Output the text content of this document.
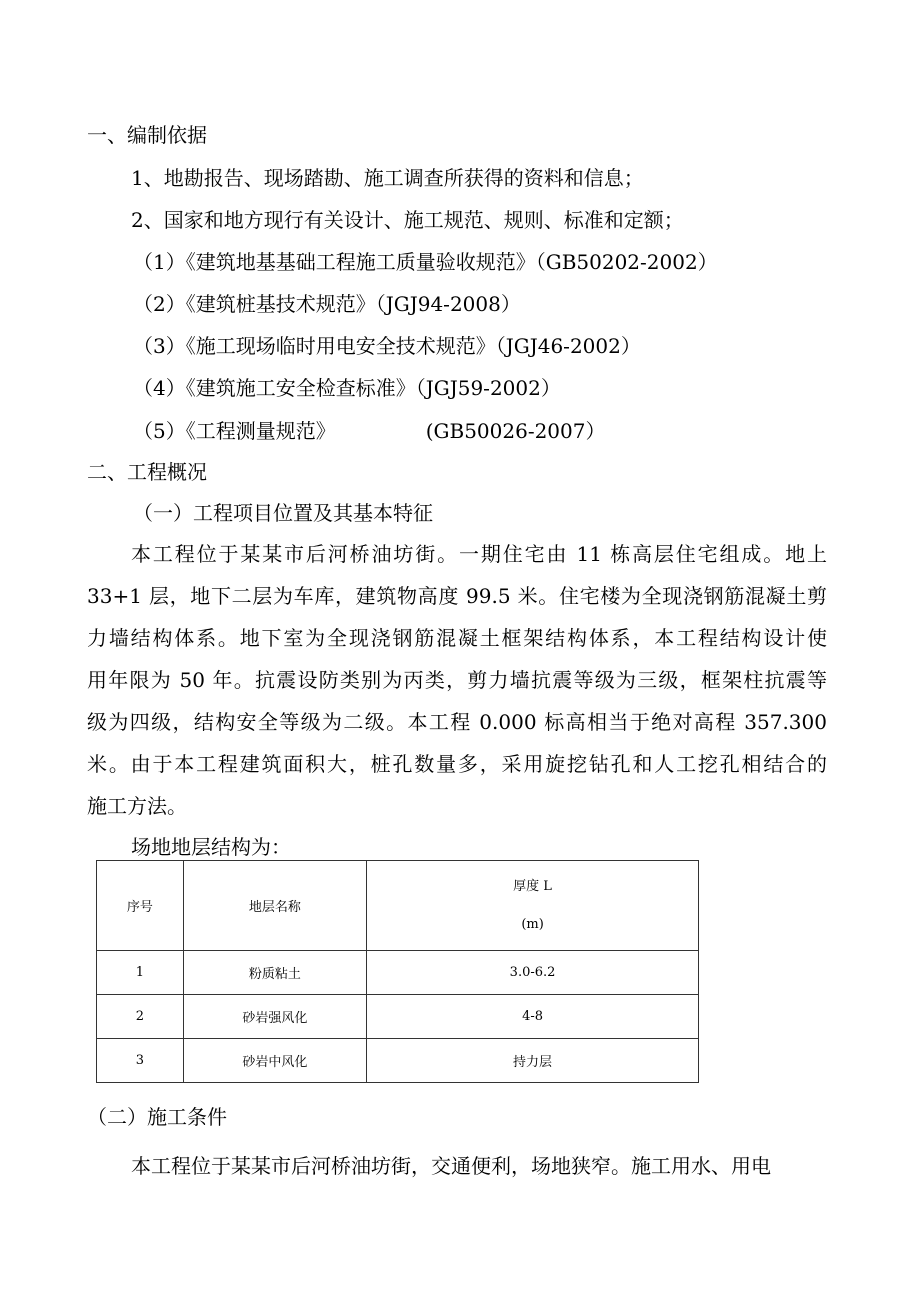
一、编制依据
1、地勘报告、现场踏勘、施工调查所获得的资料和信息；
2、国家和地方现行有关设计、施工规范、规则、标准和定额；
（1）《建筑地基基础工程施工质量验收规范》（GB50202-2002）
（2）《建筑桩基技术规范》（JGJ94-2008）
（3）《施工现场临时用电安全技术规范》（JGJ46-2002）
（4）《建筑施工安全检查标准》（JGJ59-2002）
（5）《工程测量规范》　　　　　(GB50026-2007）
二、工程概况
（一）工程项目位置及其基本特征
本工程位于某某市后河桥油坊街。一期住宅由 11 栋高层住宅组成。地上
33+1 层，地下二层为车库，建筑物高度 99.5 米。住宅楼为全现浇钢筋混凝土剪
力墙结构体系。地下室为全现浇钢筋混凝土框架结构体系，本工程结构设计使
用年限为 50 年。抗震设防类别为丙类，剪力墙抗震等级为三级，框架柱抗震等
级为四级，结构安全等级为二级。本工程 0.000 标高相当于绝对高程 357.300
米。由于本工程建筑面积大，桩孔数量多，采用旋挖钻孔和人工挖孔相结合的
施工方法。
场地地层结构为：
序号	地层名称	厚度 L
(m)

1	粉质粘土	3.0-6.2
2	砂岩强风化	4-8
3	砂岩中风化	持力层
（二）施工条件
本工程位于某某市后河桥油坊街，交通便利，场地狭窄。施工用水、用电
